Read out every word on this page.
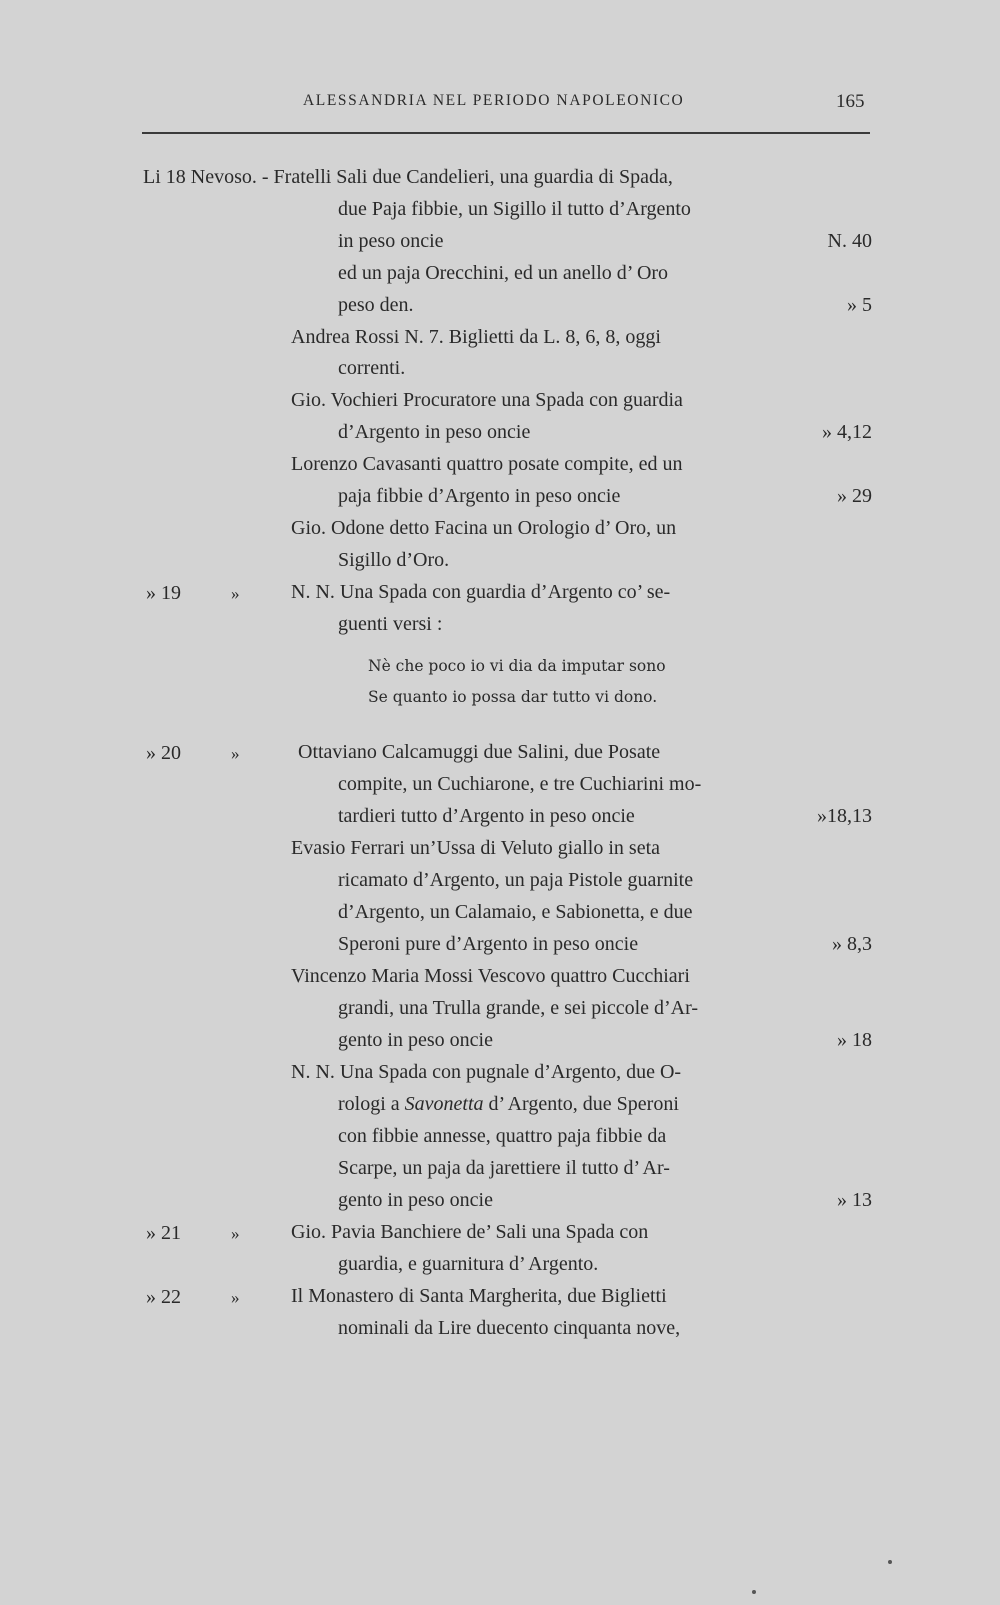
ALESSANDRIA NEL PERIODO NAPOLEONICO	165
Li 18 Nevoso. - Fratelli Sali due Candelieri, una guardia di Spada,
due Paja fibbie, un Sigillo il tutto d’Argento
in peso oncie	N. 40
ed un paja Orecchini, ed un anello d’ Oro
peso den.	» 5
Andrea Rossi N. 7. Biglietti da L. 8, 6, 8, oggi
correnti.
Gio. Vochieri Procuratore una Spada con guardia
d’Argento in peso oncie	» 4,12
Lorenzo Cavasanti quattro posate compite, ed un
paja fibbie d’Argento in peso oncie	» 29
Gio. Odone detto Facina un Orologio d’ Oro, un
Sigillo d’Oro.
» 19	»	N. N. Una Spada con guardia d’Argento co’ se-
guenti versi :
Nè che poco io vi dia da imputar sono
Se quanto io possa dar tutto vi dono.
» 20	»	Ottaviano Calcamuggi due Salini, due Posate
compite, un Cuchiarone, e tre Cuchiarini mo-
tardieri tutto d’Argento in peso oncie	»18,13
Evasio Ferrari un’Ussa di Veluto giallo in seta
ricamato d’Argento, un paja Pistole guarnite
d’Argento, un Calamaio, e Sabionetta, e due
Speroni pure d’Argento in peso oncie	» 8,3
Vincenzo Maria Mossi Vescovo quattro Cucchiari
grandi, una Trulla grande, e sei piccole d’Ar-
gento in peso oncie	» 18
N. N. Una Spada con pugnale d’Argento, due O-
rologi a Savonetta d’ Argento, due Speroni
con fibbie annesse, quattro paja fibbie da
Scarpe, un paja da jarettiere il tutto d’ Ar-
gento in peso oncie	» 13
» 21	»	Gio. Pavia Banchiere de’ Sali una Spada con
guardia, e guarnitura d’ Argento.
» 22	»	Il Monastero di Santa Margherita, due Biglietti
nominali da Lire duecento cinquanta nove,
